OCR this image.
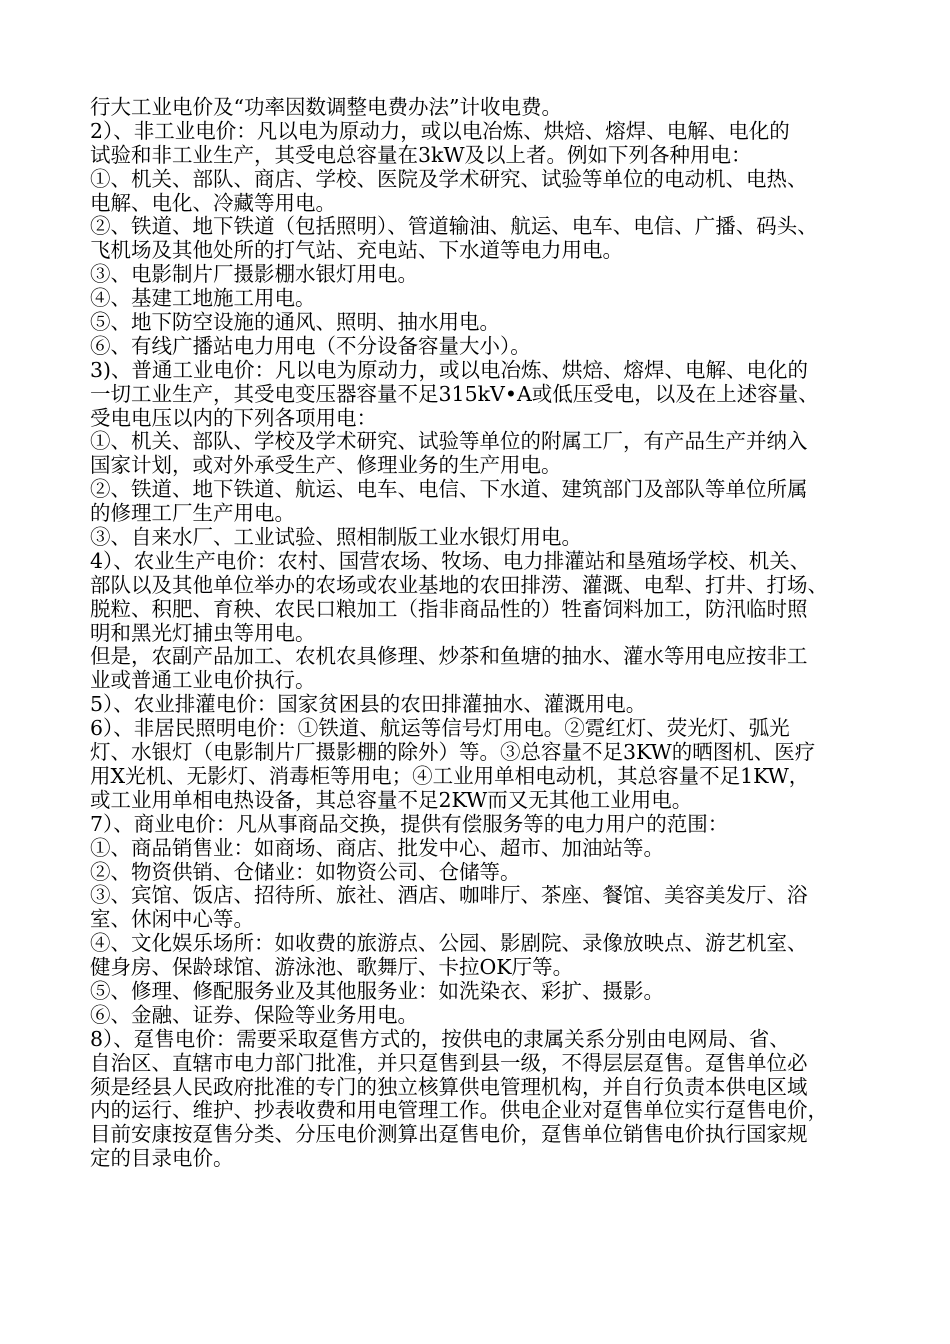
行大工业电价及“功率因数调整电费办法”计收电费。
2）、非工业电价：凡以电为原动力，或以电冶炼、烘焙、熔焊、电解、电化的
试验和非工业生产，其受电总容量在3kW及以上者。例如下列各种用电：
①、机关、部队、商店、学校、医院及学术研究、试验等单位的电动机、电热、
电解、电化、冷藏等用电。
②、铁道、地下铁道（包括照明）、管道输油、航运、电车、电信、广播、码头、
飞机场及其他处所的打气站、充电站、下水道等电力用电。
③、电影制片厂摄影棚水银灯用电。
④、基建工地施工用电。
⑤、地下防空设施的通风、照明、抽水用电。
⑥、有线广播站电力用电（不分设备容量大小）。
3)、普通工业电价：凡以电为原动力，或以电冶炼、烘焙、熔焊、电解、电化的
一切工业生产，其受电变压器容量不足315kV•A或低压受电，以及在上述容量、
受电电压以内的下列各项用电：
①、机关、部队、学校及学术研究、试验等单位的附属工厂，有产品生产并纳入
国家计划，或对外承受生产、修理业务的生产用电。
②、铁道、地下铁道、航运、电车、电信、下水道、建筑部门及部队等单位所属
的修理工厂生产用电。
③、自来水厂、工业试验、照相制版工业水银灯用电。
4）、农业生产电价：农村、国营农场、牧场、电力排灌站和垦殖场学校、机关、
部队以及其他单位举办的农场或农业基地的农田排涝、灌溉、电犁、打井、打场、
脱粒、积肥、育秧、农民口粮加工（指非商品性的）牲畜饲料加工，防汛临时照
明和黑光灯捕虫等用电。
但是，农副产品加工、农机农具修理、炒茶和鱼塘的抽水、灌水等用电应按非工
业或普通工业电价执行。
5）、农业排灌电价：国家贫困县的农田排灌抽水、灌溉用电。
6）、非居民照明电价：①铁道、航运等信号灯用电。②霓红灯、荧光灯、弧光
灯、水银灯（电影制片厂摄影棚的除外）等。③总容量不足3KW的晒图机、医疗
用X光机、无影灯、消毒柜等用电；④工业用单相电动机，其总容量不足1KW，
或工业用单相电热设备，其总容量不足2KW而又无其他工业用电。
7）、商业电价：凡从事商品交换，提供有偿服务等的电力用户的范围：
①、商品销售业：如商场、商店、批发中心、超市、加油站等。
②、物资供销、仓储业：如物资公司、仓储等。
③、宾馆、饭店、招待所、旅社、酒店、咖啡厅、茶座、餐馆、美容美发厅、浴
室、休闲中心等。
④、文化娱乐场所：如收费的旅游点、公园、影剧院、录像放映点、游艺机室、
健身房、保龄球馆、游泳池、歌舞厅、卡拉OK厅等。
⑤、修理、修配服务业及其他服务业：如洗染衣、彩扩、摄影。
⑥、金融、证券、保险等业务用电。
8）、趸售电价：需要采取趸售方式的，按供电的隶属关系分别由电网局、省、
自治区、直辖市电力部门批准，并只趸售到县一级，不得层层趸售。趸售单位必
须是经县人民政府批准的专门的独立核算供电管理机构，并自行负责本供电区域
内的运行、维护、抄表收费和用电管理工作。供电企业对趸售单位实行趸售电价，
目前安康按趸售分类、分压电价测算出趸售电价，趸售单位销售电价执行国家规
定的目录电价。
